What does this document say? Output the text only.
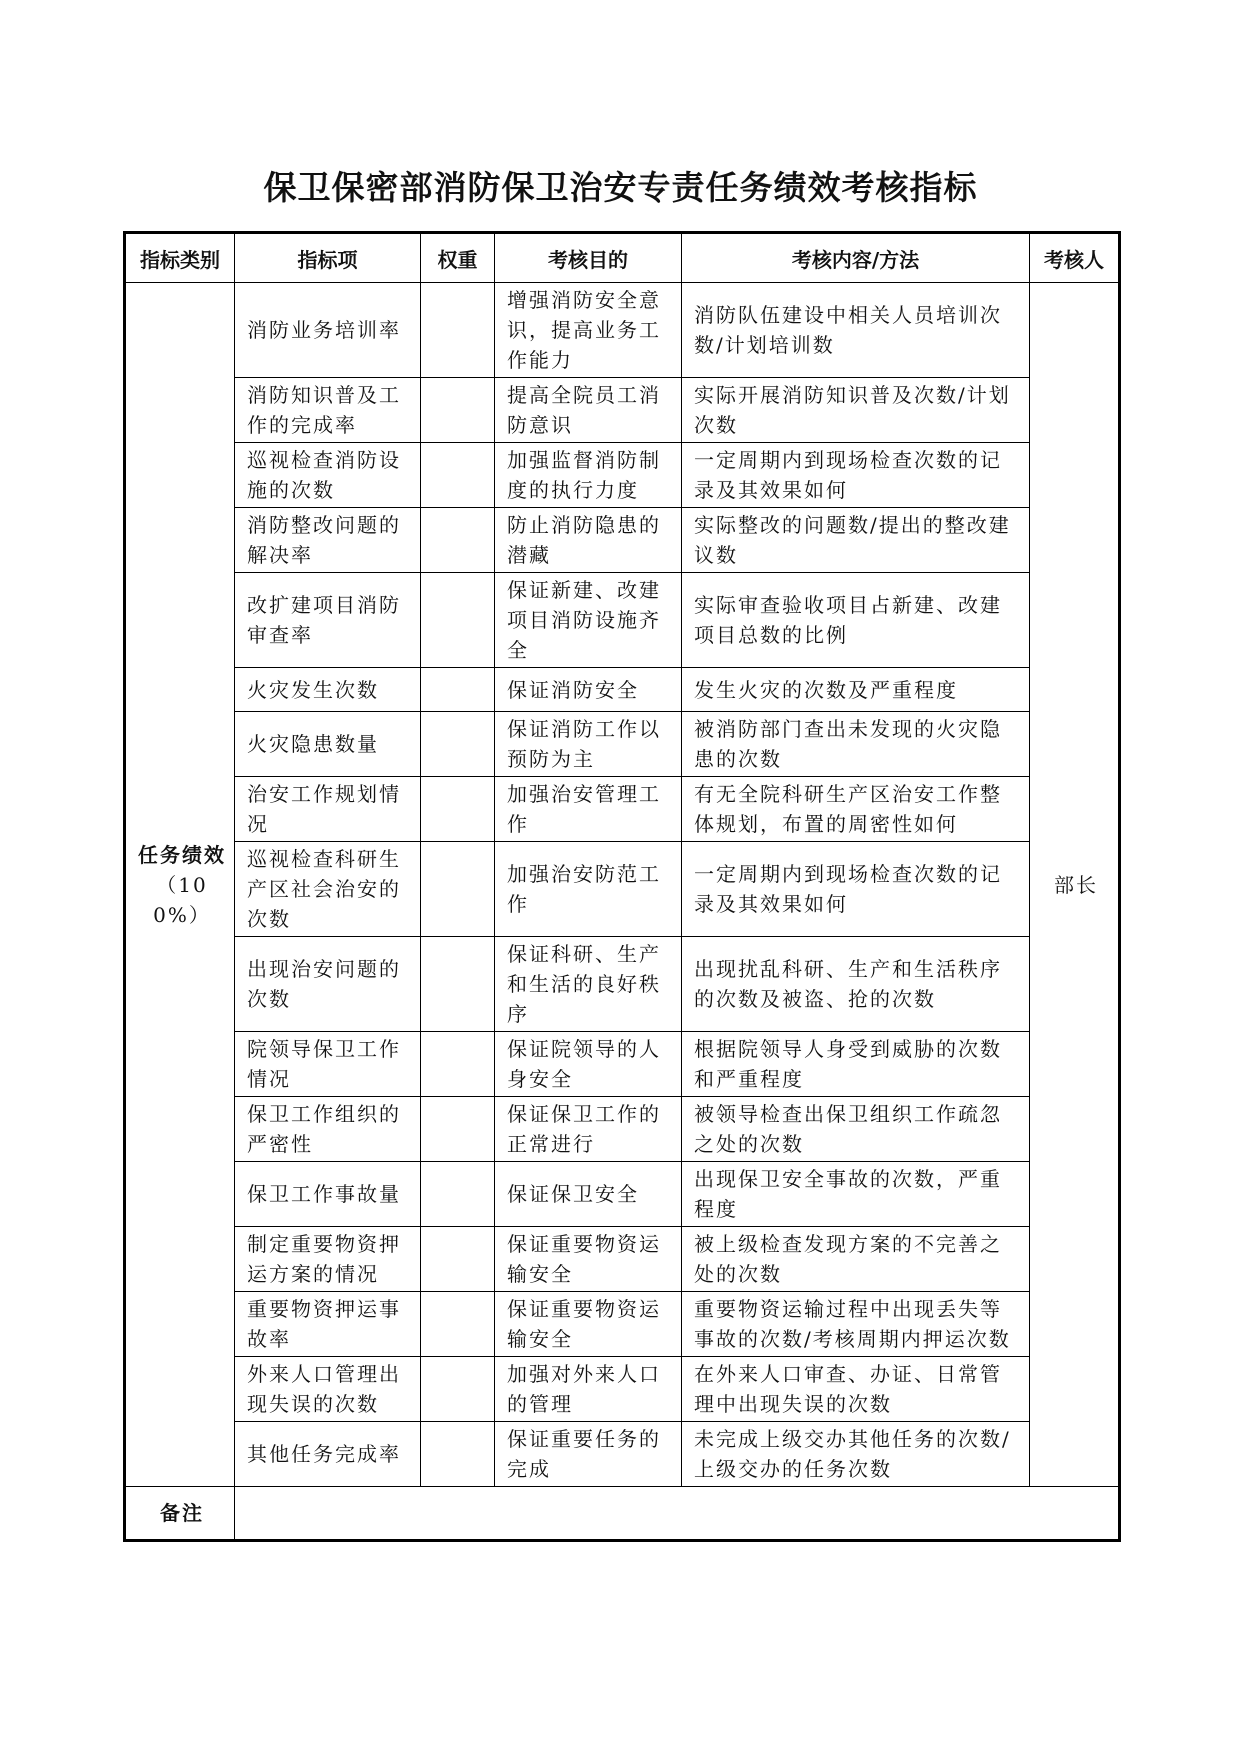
保卫保密部消防保卫治安专责任务绩效考核指标
指标类别	指标项	权重	考核目的	考核内容/方法	考核人
任务绩效
（100%）	消防业务培训率		增强消防安全意识，提高业务工作能力	消防队伍建设中相关人员培训次数/计划培训数	部长
	消防知识普及工作的完成率		提高全院员工消防意识	实际开展消防知识普及次数/计划次数	
	巡视检查消防设施的次数		加强监督消防制度的执行力度	一定周期内到现场检查次数的记录及其效果如何	
	消防整改问题的解决率		防止消防隐患的潜藏	实际整改的问题数/提出的整改建议数	
	改扩建项目消防审查率		保证新建、改建项目消防设施齐全	实际审查验收项目占新建、改建项目总数的比例	
	火灾发生次数		保证消防安全	发生火灾的次数及严重程度	
	火灾隐患数量		保证消防工作以预防为主	被消防部门查出未发现的火灾隐患的次数	
	治安工作规划情况		加强治安管理工作	有无全院科研生产区治安工作整体规划，布置的周密性如何	
	巡视检查科研生产区社会治安的次数		加强治安防范工作	一定周期内到现场检查次数的记录及其效果如何	
	出现治安问题的次数		保证科研、生产和生活的良好秩序	出现扰乱科研、生产和生活秩序的次数及被盗、抢的次数	
	院领导保卫工作情况		保证院领导的人身安全	根据院领导人身受到威胁的次数和严重程度	
	保卫工作组织的严密性		保证保卫工作的正常进行	被领导检查出保卫组织工作疏忽之处的次数	
	保卫工作事故量		保证保卫安全	出现保卫安全事故的次数，严重程度	
	制定重要物资押运方案的情况		保证重要物资运输安全	被上级检查发现方案的不完善之处的次数	
	重要物资押运事故率		保证重要物资运输安全	重要物资运输过程中出现丢失等事故的次数/考核周期内押运次数	
	外来人口管理出现失误的次数		加强对外来人口的管理	在外来人口审查、办证、日常管理中出现失误的次数	
	其他任务完成率		保证重要任务的完成	未完成上级交办其他任务的次数/上级交办的任务次数	
备注					
